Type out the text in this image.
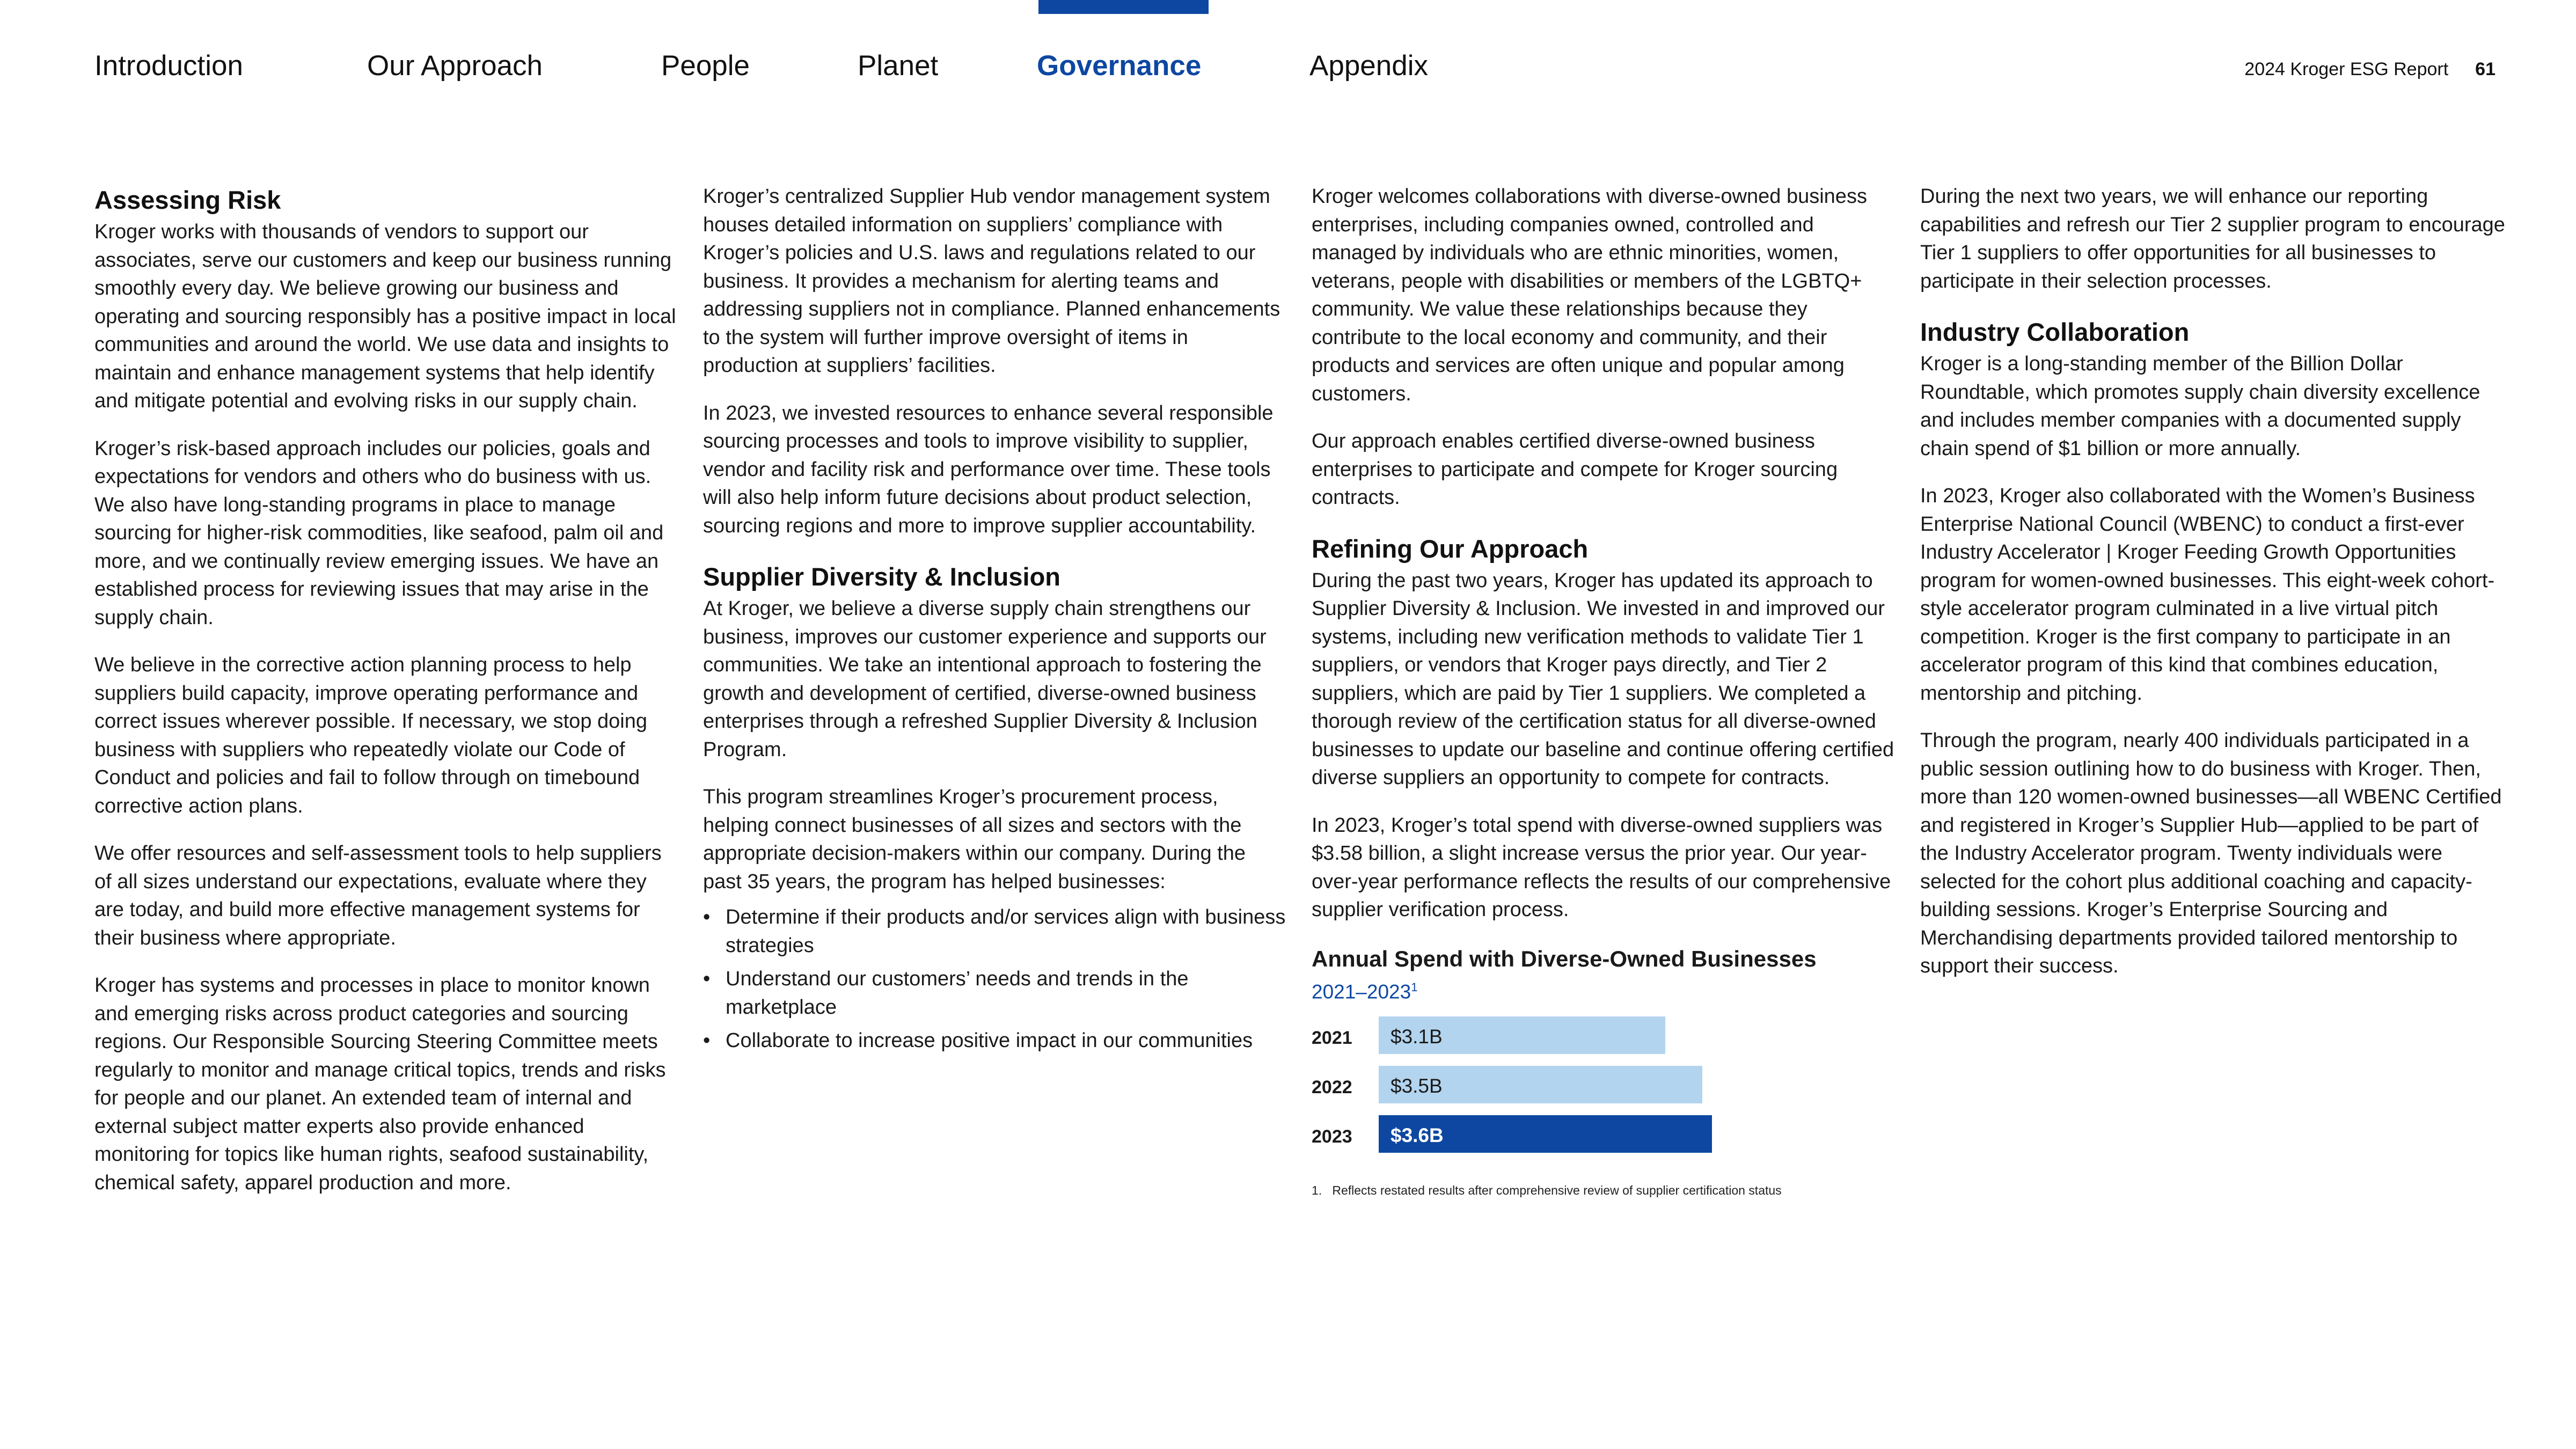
Introduction	Our Approach	People	Planet	Governance	Appendix	2024 Kroger ESG Report 61
Assessing Risk

Kroger works with thousands of vendors to support our associates, serve our customers and keep our business running smoothly every day. We believe growing our business and operating and sourcing responsibly has a positive impact in local communities and around the world. We use data and insights to maintain and enhance management systems that help identify and mitigate potential and evolving risks in our supply chain.

Kroger’s risk-based approach includes our policies, goals and expectations for vendors and others who do business with us. We also have long-standing programs in place to manage sourcing for higher-risk commodities, like seafood, palm oil and more, and we continually review emerging issues. We have an established process for reviewing issues that may arise in the supply chain.

We believe in the corrective action planning process to help suppliers build capacity, improve operating performance and correct issues wherever possible. If necessary, we stop doing business with suppliers who repeatedly violate our Code of Conduct and policies and fail to follow through on timebound corrective action plans.

We offer resources and self-assessment tools to help suppliers of all sizes understand our expectations, evaluate where they are today, and build more effective management systems for their business where appropriate.

Kroger has systems and processes in place to monitor known and emerging risks across product categories and sourcing regions. Our Responsible Sourcing Steering Committee meets regularly to monitor and manage critical topics, trends and risks for people and our planet. An extended team of internal and external subject matter experts also provide enhanced monitoring for topics like human rights, seafood sustainability, chemical safety, apparel production and more.

Kroger’s centralized Supplier Hub vendor management system houses detailed information on suppliers’ compliance with Kroger’s policies and U.S. laws and regulations related to our business. It provides a mechanism for alerting teams and addressing suppliers not in compliance. Planned enhancements to the system will further improve oversight of items in production at suppliers’ facilities.

In 2023, we invested resources to enhance several responsible sourcing processes and tools to improve visibility to supplier, vendor and facility risk and performance over time. These tools will also help inform future decisions about product selection, sourcing regions and more to improve supplier accountability.

Supplier Diversity & Inclusion

At Kroger, we believe a diverse supply chain strengthens our business, improves our customer experience and supports our communities. We take an intentional approach to fostering the growth and development of certified, diverse-owned business enterprises through a refreshed Supplier Diversity & Inclusion Program.

This program streamlines Kroger’s procurement process, helping connect businesses of all sizes and sectors with the appropriate decision-makers within our company. During the past 35 years, the program has helped businesses:

• Determine if their products and/or services align with business strategies
• Understand our customers’ needs and trends in the marketplace
• Collaborate to increase positive impact in our communities

Kroger welcomes collaborations with diverse-owned business enterprises, including companies owned, controlled and managed by individuals who are ethnic minorities, women, veterans, people with disabilities or members of the LGBTQ+ community. We value these relationships because they contribute to the local economy and community, and their products and services are often unique and popular among customers.

Our approach enables certified diverse-owned business enterprises to participate and compete for Kroger sourcing contracts.

Refining Our Approach

During the past two years, Kroger has updated its approach to Supplier Diversity & Inclusion. We invested in and improved our systems, including new verification methods to validate Tier 1 suppliers, or vendors that Kroger pays directly, and Tier 2 suppliers, which are paid by Tier 1 suppliers. We completed a thorough review of the certification status for all diverse-owned businesses to update our baseline and continue offering certified diverse suppliers an opportunity to compete for contracts.

In 2023, Kroger’s total spend with diverse-owned suppliers was $3.58 billion, a slight increase versus the prior year. Our year-over-year performance reflects the results of our comprehensive supplier verification process.

Annual Spend with Diverse-Owned Businesses
2021–2023$^1$
2021 $3.1B
2022 $3.5B
2023 $3.6B
1.   Reflects restated results after comprehensive review of supplier certification status

During the next two years, we will enhance our reporting capabilities and refresh our Tier 2 supplier program to encourage Tier 1 suppliers to offer opportunities for all businesses to participate in their selection processes.

Industry Collaboration

Kroger is a long-standing member of the Billion Dollar Roundtable, which promotes supply chain diversity excellence and includes member companies with a documented supply chain spend of $1 billion or more annually.

In 2023, Kroger also collaborated with the Women’s Business Enterprise National Council (WBENC) to conduct a first-ever Industry Accelerator | Kroger Feeding Growth Opportunities program for women-owned businesses. This eight-week cohort-style accelerator program culminated in a live virtual pitch competition. Kroger is the first company to participate in an accelerator program of this kind that combines education, mentorship and pitching.

Through the program, nearly 400 individuals participated in a public session outlining how to do business with Kroger. Then, more than 120 women-owned businesses—all WBENC Certified and registered in Kroger’s Supplier Hub—applied to be part of the Industry Accelerator program. Twenty individuals were selected for the cohort plus additional coaching and capacity-building sessions. Kroger’s Enterprise Sourcing and Merchandising departments provided tailored mentorship to support their success.
